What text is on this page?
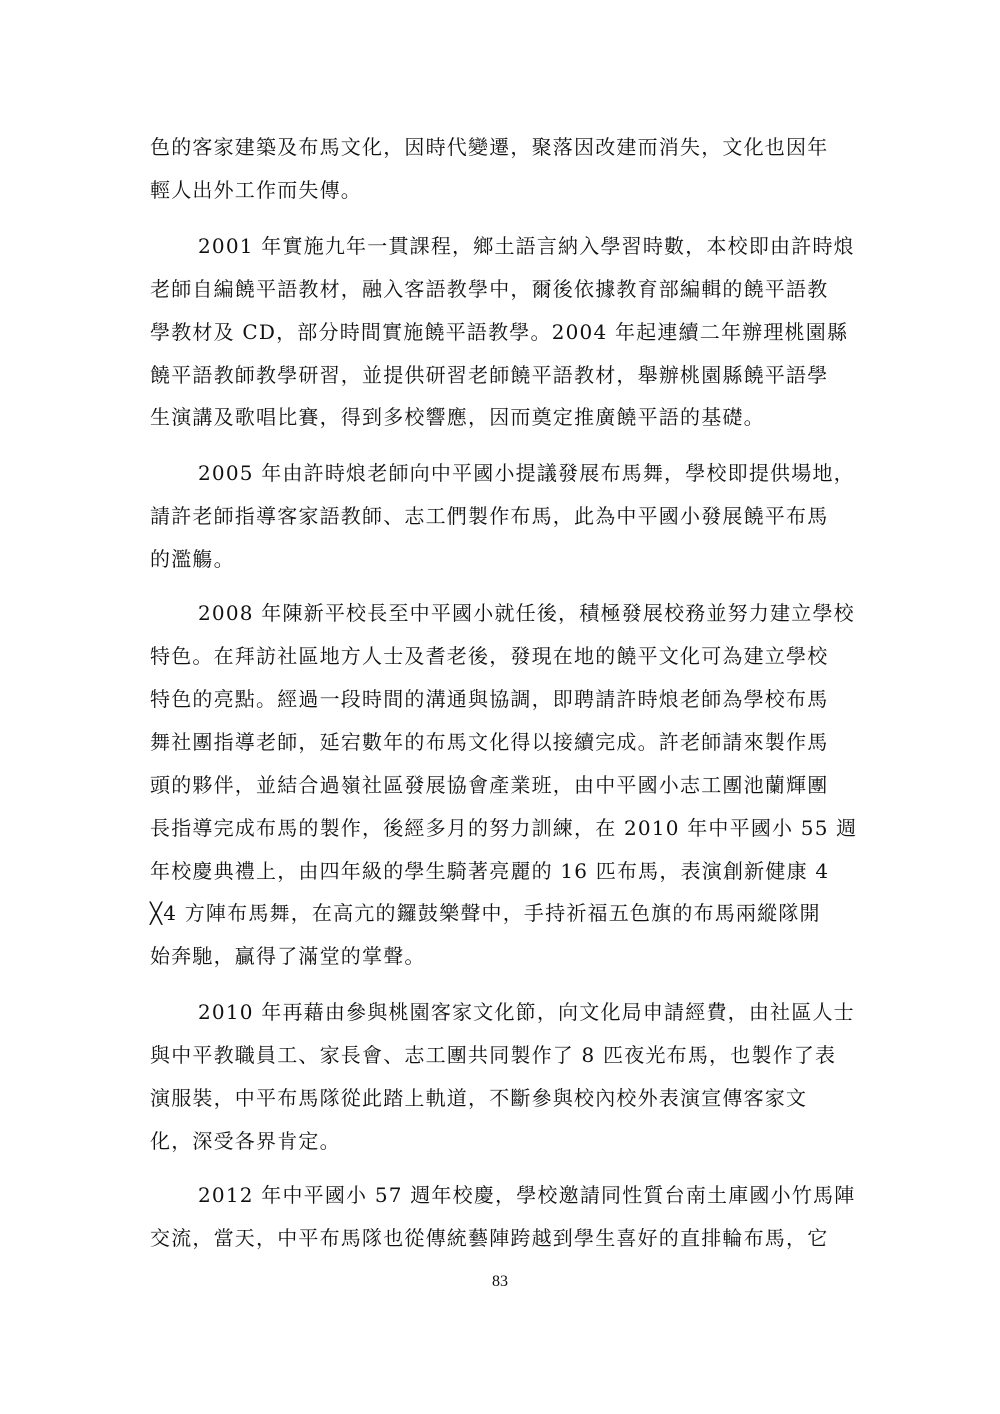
色的客家建築及布馬文化，因時代變遷，聚落因改建而消失，文化也因年
輕人出外工作而失傳。
2001 年實施九年一貫課程，鄉土語言納入學習時數，本校即由許時烺
老師自編饒平語教材，融入客語教學中，爾後依據教育部編輯的饒平語教
學教材及 CD，部分時間實施饒平語教學。2004 年起連續二年辦理桃園縣
饒平語教師教學研習，並提供研習老師饒平語教材，舉辦桃園縣饒平語學
生演講及歌唱比賽，得到多校響應，因而奠定推廣饒平語的基礎。
2005 年由許時烺老師向中平國小提議發展布馬舞，學校即提供場地，
請許老師指導客家語教師、志工們製作布馬，此為中平國小發展饒平布馬
的濫觴。
2008 年陳新平校長至中平國小就任後，積極發展校務並努力建立學校
特色。在拜訪社區地方人士及耆老後，發現在地的饒平文化可為建立學校
特色的亮點。經過一段時間的溝通與協調，即聘請許時烺老師為學校布馬
舞社團指導老師，延宕數年的布馬文化得以接續完成。許老師請來製作馬
頭的夥伴，並結合過嶺社區發展協會產業班，由中平國小志工團池蘭輝團
長指導完成布馬的製作，後經多月的努力訓練，在 2010 年中平國小 55 週
年校慶典禮上，由四年級的學生騎著亮麗的 16 匹布馬，表演創新健康 4
╳4 方陣布馬舞，在高亢的鑼鼓樂聲中，手持祈福五色旗的布馬兩縱隊開
始奔馳，贏得了滿堂的掌聲。
2010 年再藉由參與桃園客家文化節，向文化局申請經費，由社區人士
與中平教職員工、家長會、志工團共同製作了 8 匹夜光布馬，也製作了表
演服裝，中平布馬隊從此踏上軌道，不斷參與校內校外表演宣傳客家文
化，深受各界肯定。
2012 年中平國小 57 週年校慶，學校邀請同性質台南土庫國小竹馬陣
交流，當天，中平布馬隊也從傳統藝陣跨越到學生喜好的直排輪布馬，它
83
